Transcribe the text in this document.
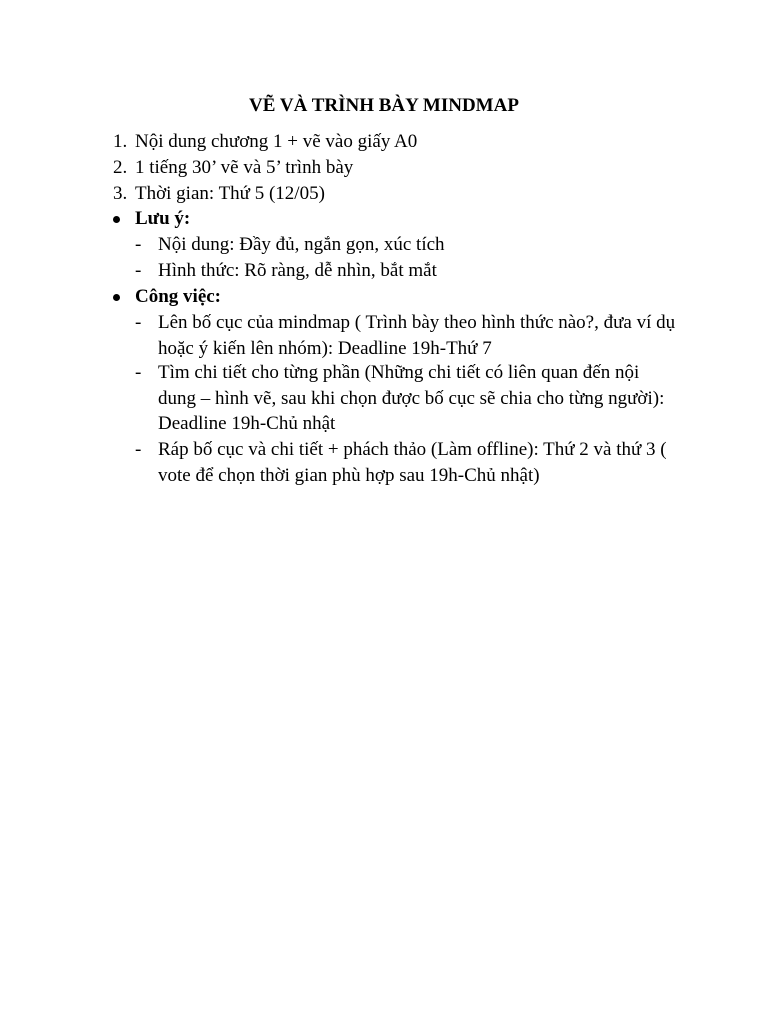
VẼ VÀ TRÌNH BÀY MINDMAP
1. Nội dung chương 1 + vẽ vào giấy A0
2. 1 tiếng 30’ vẽ và 5’ trình bày
3. Thời gian: Thứ 5 (12/05)
Lưu ý:
- Nội dung: Đầy đủ, ngắn gọn, xúc tích
- Hình thức: Rõ ràng, dễ nhìn, bắt mắt
Công việc:
- Lên bố cục của mindmap ( Trình bày theo hình thức nào?, đưa ví dụ hoặc ý kiến lên nhóm): Deadline 19h-Thứ 7
- Tìm chi tiết cho từng phần (Những chi tiết có liên quan đến nội dung – hình vẽ, sau khi chọn được bố cục sẽ chia cho từng người): Deadline 19h-Chủ nhật
- Ráp bố cục và chi tiết + phách thảo (Làm offline): Thứ 2 và thứ 3 ( vote để chọn thời gian phù hợp sau 19h-Chủ nhật)
